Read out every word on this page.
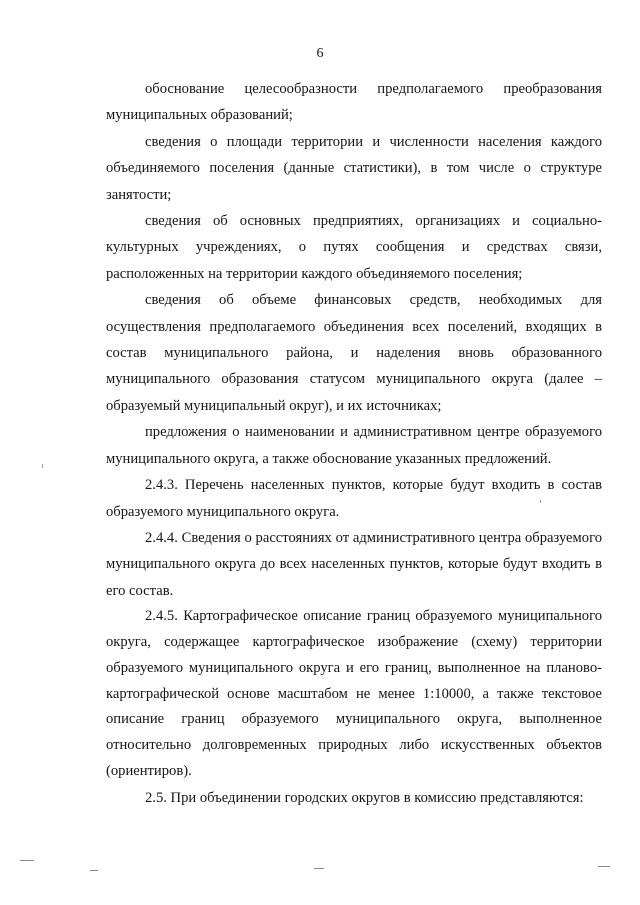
6

обоснование целесообразности предполагаемого преобразования муниципальных образований;

сведения о площади территории и численности населения каждого объединяемого поселения (данные статистики), в том числе о структуре занятости;

сведения об основных предприятиях, организациях и социально-культурных учреждениях, о путях сообщения и средствах связи, расположенных на территории каждого объединяемого поселения;

сведения об объеме финансовых средств, необходимых для осуществления предполагаемого объединения всех поселений, входящих в состав муниципального района, и наделения вновь образованного муниципального образования статусом муниципального округа (далее – образуемый муниципальный округ), и их источниках;

предложения о наименовании и административном центре образуемого муниципального округа, а также обоснование указанных предложений.

2.4.3. Перечень населенных пунктов, которые будут входить в состав образуемого муниципального округа.

2.4.4. Сведения о расстояниях от административного центра образуемого муниципального округа до всех населенных пунктов, которые будут входить в его состав.

2.4.5. Картографическое описание границ образуемого муниципального округа, содержащее картографическое изображение (схему) территории образуемого муниципального округа и его границ, выполненное на планово-картографической основе масштабом не менее 1:10000, а также текстовое описание границ образуемого муниципального округа, выполненное относительно долговременных природных либо искусственных объектов (ориентиров).

2.5. При объединении городских округов в комиссию представляются:
